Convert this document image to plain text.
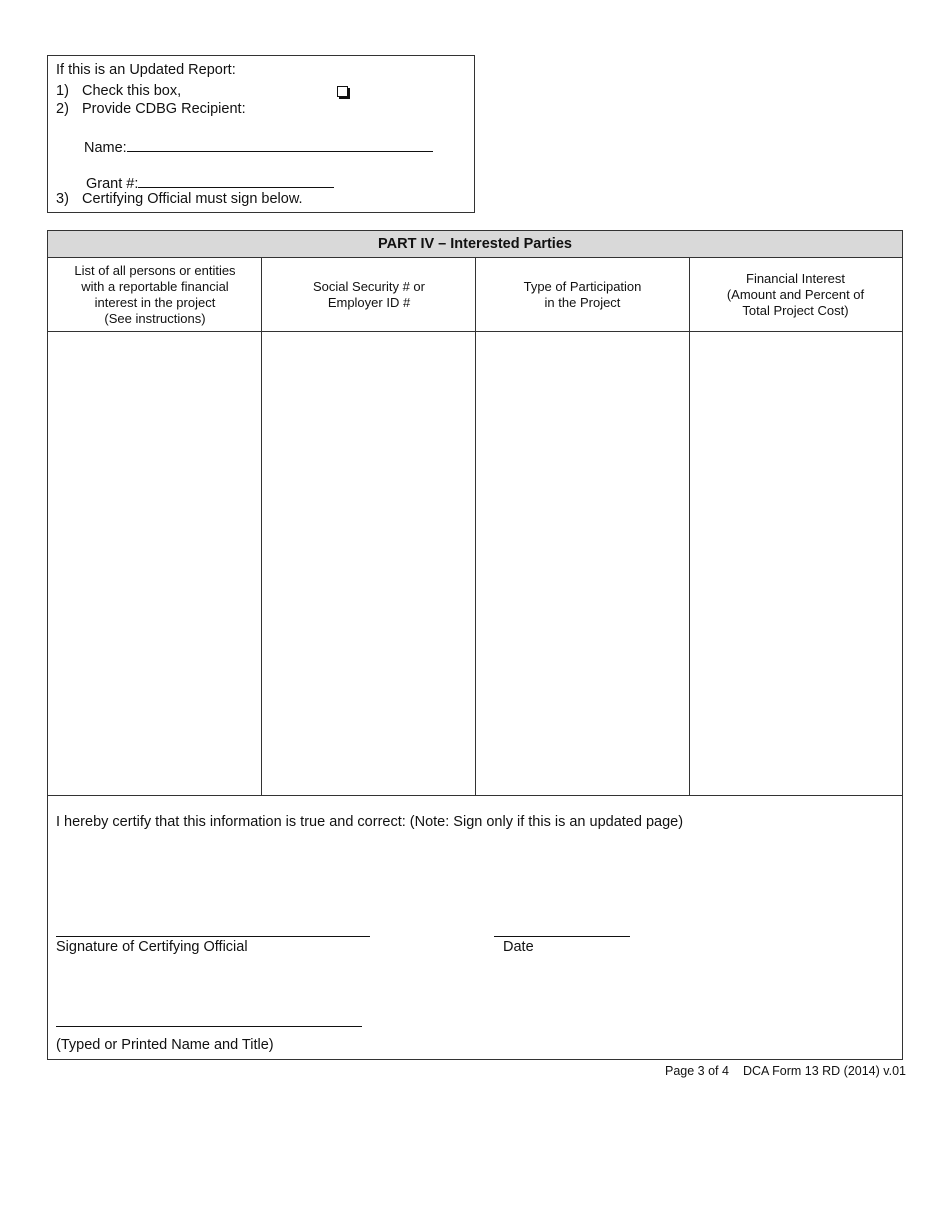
If this is an Updated Report:
1) Check this box,
2) Provide CDBG Recipient:
Name:
Grant #:
3) Certifying Official must sign below.
PART IV – Interested Parties
List of all persons or entities
with a reportable financial
interest in the project
(See instructions)
Social Security # or
Employer ID #
Type of Participation
in the Project
Financial Interest
(Amount and Percent of
Total Project Cost)
I hereby certify that this information is true and correct: (Note: Sign only if this is an updated page)
Signature of Certifying Official	Date
(Typed or Printed Name and Title)
Page 3 of 4 DCA Form 13 RD (2014) v.01
